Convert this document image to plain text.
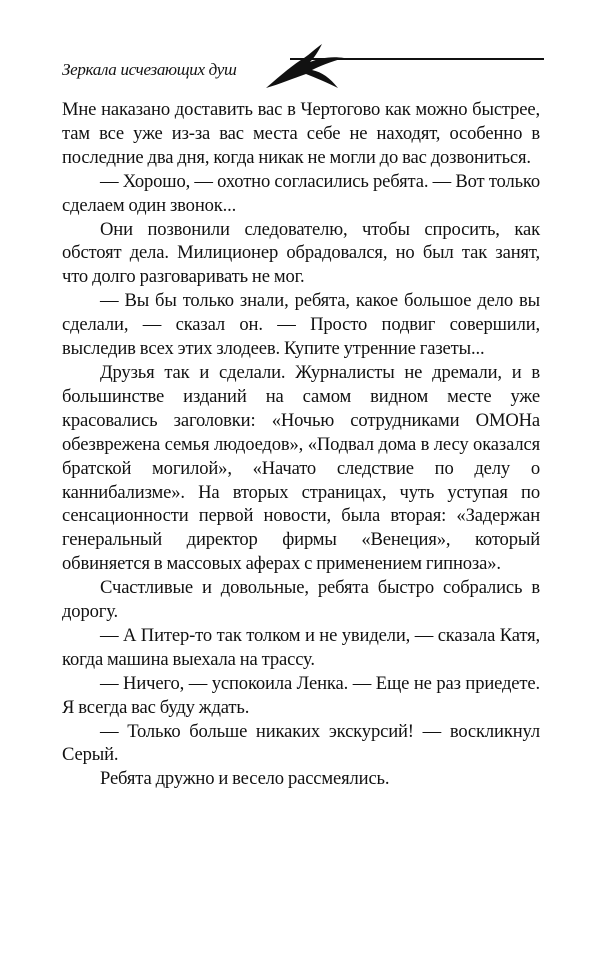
Зеркала исчезающих душ

Мне наказано доставить вас в Чертогово как можно быстрее, там все уже из-за вас места себе не находят, особенно в последние два дня, когда никак не могли до вас дозвониться.

— Хорошо, — охотно согласились ребята. — Вот только сделаем один звонок...

Они позвонили следователю, чтобы спросить, как обстоят дела. Милиционер обрадовался, но был так занят, что долго разговаривать не мог.

— Вы бы только знали, ребята, какое большое дело вы сделали, — сказал он. — Просто подвиг совершили, выследив всех этих злодеев. Купите утренние газеты...

Друзья так и сделали. Журналисты не дремали, и в большинстве изданий на самом видном месте уже красовались заголовки: «Ночью сотрудниками ОМОНа обезврежена семья людоедов», «Подвал дома в лесу оказался братской могилой», «Начато следствие по делу о каннибализме». На вторых страницах, чуть уступая по сенсационности первой новости, была вторая: «Задержан генеральный директор фирмы «Венеция», который обвиняется в массовых аферах с применением гипноза».

Счастливые и довольные, ребята быстро собрались в дорогу.

— А Питер-то так толком и не увидели, — сказала Катя, когда машина выехала на трассу.

— Ничего, — успокоила Ленка. — Еще не раз приедете. Я всегда вас буду ждать.

— Только больше никаких экскурсий! — воскликнул Серый.

Ребята дружно и весело рассмеялись.
